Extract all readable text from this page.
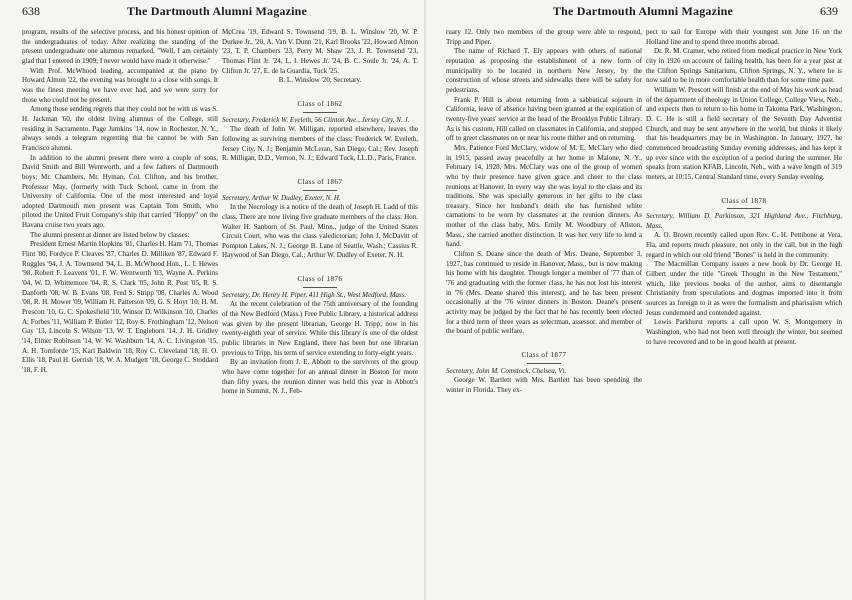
638	The Dartmouth Alumni Magazine

program, results of the selective process, and his honest opinion of the undergraduates of today. After realizing the standing of the present undergraduate one alumnus remarked, "Well, I am certainly glad that I entered in 1909; I never would have made it otherwise."

With Prof. McWhood leading, accompanied at the piano by Howard Almon '22, the evening was brought to a close with songs. It was the finest meeting we have ever had, and we were sorry for those who could not be present.

Among those sending regrets that they could not be with us was S. H. Jackman '60, the oldest living alumnus of the College, still residing in Sacramento. Page Jumkins '14, now in Rochester, N. Y., always sends a telegram regretting that he cannot be with San Francisco alumni.

In addition to the alumni present there were a couple of sons, David Smith and Bill Wentworth, and a few fathers of Dartmouth boys; Mr. Chambers, Mr. Hyman, Col. Clifton, and his brother, Professor May, (formerly with Tuck School, came in from the University of California. One of the most interested and loyal adopted Dartmouth men present was Captain Tom Smith, who piloted the United Fruit Company's ship that carried "Hoppy" on the Havana cruise two years ago.

The alumni present at dinner are listed below by classes:

President Ernest Martin Hopkins '01, Charles H. Ham '71, Thomas Flint '80, Fordyce P. Cleaves '87, Charles D. Milliken '87, Edward F. Ruggles '94, J. A. Townsend '94, L. B. McWhood Hon., L. I. Hewes '98, Robert F. Leavens '01, F. W. Wentworth '03, Wayne A. Perkins '04, W. D. Whittemore '04, R. S. Clark '05, John R. Post '05, R. S. Danforth '08, W. B. Evans '08, Fred S. Stripp '08, Charles A. Wood '08, R. H. Mower '09, William H. Patterson '09, G. S. Hoyt '10, H. M. Prescott '10, G. C. Spokesfield '10, Winsor D. Wilkinson '10, Charles A. Forbes '11, William P. Butler '12, Roy S. Frothingham '12, Nelson Gay '13, Lincoln S. Wilson '13, W. T. Englehorn '14, J. H. Gridley '14, Elmer Robinson '14, W. W. Washburn '14, A. C. Livingston '15, A. H. Tomforde '15, Karl Baldwin '18, Roy C. Cleveland '18, H. O. Ellis '18, Paul H. Gerrish '18, W. A. Mudgett '18, George C. Stoddard '18, F. H.

McCrea '19, Edward S. Townsend '19, B. L. Winslow '20, W. P. Durkee Jr., '20, A. Van V. Dunn '21, Karl Brooks '22, Howard Almon '23, T. P. Chambers '23, Perry M. Shaw '23, J. R. Townsend '23, Thomas Flint Jr. '24, L. I. Hewes Jr. '24, B. C. Soule Jr. '24, A. T. Clifton Jr. '27, E. de la Guardia, Tuck '25.

B. L. Winslow '20, Secretary.

Class of 1862

Secretary, Frederick W. Eveleth, 56 Clinton Ave., Jersey City, N. J.

The death of John W. Milligan, reported elsewhere, leaves the following as surviving members of the class: Frederick W. Eveleth, Jersey City, N. J.; Benjamin McLeran, San Diego, Cal.; Rev. Joseph R. Milligan, D.D., Vernon, N. J.; Edward Tuck, LL.D., Paris, France.

Class of 1867

Secretary, Arthur W. Dudley, Exeter, N. H.

In the Necrology is a notice of the death of Joseph H. Ladd of this class. There are now living five graduate members of the class: Hon. Walter H. Sanborn of St. Paul, Minn., judge of the United States Circuit Court, who was the class valedictorian; John J. McDavitt of Pompton Lakes, N. J.; George B. Lane of Seattle, Wash.; Cassius R. Haywood of San Diego, Cal.; Arthur W. Dudley of Exeter, N. H.

Class of 1876

Secretary, Dr. Henry H. Piper, 411 High St., West Medford, Mass.

At the recent celebration of the 75th anniversary of the founding of the New Bedford (Mass.) Free Public Library, a historical address was given by the present librarian, George H. Tripp, now in his twenty-eighth year of service. While this library is one of the oldest public libraries in New England, there has been but one librarian previous to Tripp, his term of service extending to forty-eight years.

By an invitation from J. E. Abbott to the survivors of the group who have come together for an annual dinner in Boston for more than fifty years, the reunion dinner was held this year in Abbott's home in Summit, N. J., Feb-

The Dartmouth Alumni Magazine	639

ruary 12. Only two members of the group were able to respond, Tripp and Piper.

The name of Richard T. Ely appears with others of national reputation as proposing the establishment of a new form of municipality to be located in northern New Jersey, by the construction of whose streets and sidewalks there will be safety for pedestrians.

Frank P. Hill is about returning from a sabbatical sojourn in California, leave of absence having been granted at the expiration of twenty-five years' service at the head of the Brooklyn Public Library. As is his custom, Hill called on classmates in California, and stopped off to greet classmates on or near his route thither and on returning.

Mrs. Patience Ford McClary, widow of M. E. McClary who died in 1915, passed away peacefully at her home in Malone, N. Y., February 14, 1928. Mrs. McClary was one of the group of women who by their presence have given grace and cheer to the class reunions at Hanover. In every way she was loyal to the class and its traditions. She was specially generous in her gifts to the class treasury. Since her husband's death she has furnished white carnations to be worn by classmates at the reunion dinners. As mother of the class baby, Mrs. Emily M. Woodbury of Allston, Mass., she carried another distinction. It was her very life to lend a hand.

Clifton S. Deane since the death of Mrs. Deane, September 3, 1927, has continued to reside in Hanover, Mass., but is now making his home with his daughter. Though longer a member of '77 than of '76 and graduating with the former class, he has not lost his interest in '76 (Mrs. Deane shared this interest), and he has been present occasionally at the '76 winter dinners in Boston. Deane's present activity may be judged by the fact that he has recently been elected for a third term of three years as selectman, assessor, and member of the board of public welfare.

Class of 1877

Secretary, John M. Comstock, Chelsea, Vt.

George W. Bartlett with Mrs. Bartlett has been spending the winter in Florida. They ex-

pect to sail for Europe with their youngest son June 16 on the Holland line and to spend three months abroad.

Dr. R. M. Cramer, who retired from medical practice in New York city in 1926 on account of failing health, has been for a year past at the Clifton Springs Sanitarium, Clifton Springs, N. Y., where he is now said to be in more comfortable health than for some time past.

William W. Prescott will finish at the end of May his work as head of the department of theology in Union College, College View, Neb., and expects then to return to his home in Takoma Park, Washington, D. C. He is still a field secretary of the Seventh Day Adventist Church, and may be sent anywhere in the world, but thinks it likely that his headquarters may be in Washington. In January, 1927, he commenced broadcasting Sunday evening addresses, and has kept it up ever since with the exception of a period during the summer. He speaks from station KFAB, Lincoln, Neb., with a wave length of 319 meters, at 10:15, Central Standard time, every Sunday evening.

Class of 1878

Secretary, William D. Parkinson, 321 Highland Ave., Fitchburg, Mass.

A. O. Brown recently called upon Rev. C. H. Pettibone at Vera, Fla, and reports much pleasure, not only in the call, but in the high regard in which our old friend "Bones" is held in the community.

The Macmillan Company issues a new book by Dr. George H. Gilbert under the title "Greek Thought in the New Testament," which, like previous books of the author, aims to disentangle Christianity from speculations and dogmas imported into it from sources as foreign to it as were the formalism and pharisaism which Jesus condemned and contended against.

Lewis Parkhurst reports a call upon W. S. Montgomery in Washington, who had not been well through the winter, but seemed to have recovered and to be in good health at present.
